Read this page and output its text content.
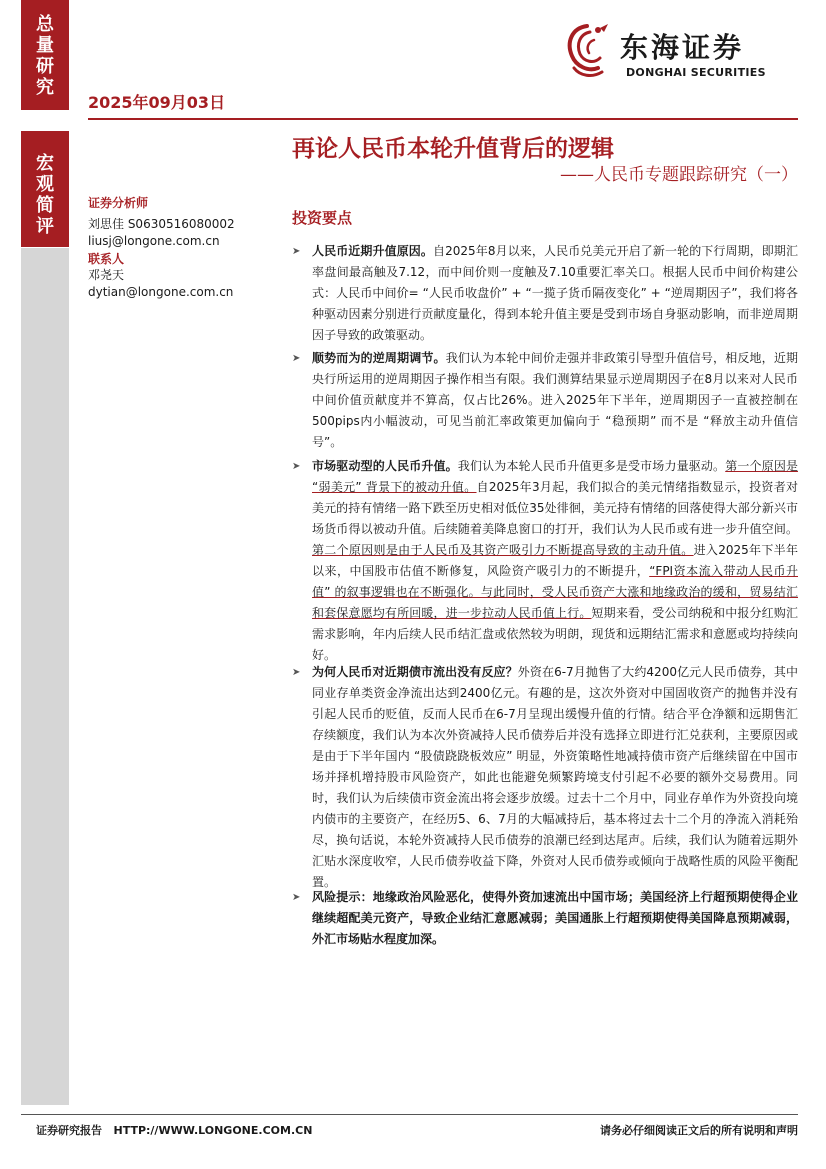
总
量
研
究
宏
观
简
评
2025年09月03日
东海证券
DONGHAI SECURITIES
再论人民币本轮升值背后的逻辑
——人民币专题跟踪研究（一）
证券分析师
刘思佳 S0630516080002
liusj@longone.com.cn
联系人
邓尧天
dytian@longone.com.cn
投资要点
➤ 人民币近期升值原因。自2025年8月以来，人民币兑美元开启了新一轮的下行周期，即期汇率盘间最高触及7.12，而中间价则一度触及7.10重要汇率关口。根据人民币中间价构建公式：人民币中间价= “人民币收盘价” + “一揽子货币隔夜变化” + “逆周期因子”，我们将各种驱动因素分别进行贡献度量化，得到本轮升值主要是受到市场自身驱动影响，而非逆周期因子导致的政策驱动。
➤ 顺势而为的逆周期调节。我们认为本轮中间价走强并非政策引导型升值信号，相反地，近期央行所运用的逆周期因子操作相当有限。我们测算结果显示逆周期因子在8月以来对人民币中间价值贡献度并不算高，仅占比26%。进入2025年下半年，逆周期因子一直被控制在500pips内小幅波动，可见当前汇率政策更加偏向于 “稳预期” 而不是 “释放主动升值信号”。
➤ 市场驱动型的人民币升值。我们认为本轮人民币升值更多是受市场力量驱动。第一个原因是 “弱美元” 背景下的被动升值。自2025年3月起，我们拟合的美元情绪指数显示，投资者对美元的持有情绪一路下跌至历史相对低位35处徘徊，美元持有情绪的回落使得大部分新兴市场货币得以被动升值。后续随着美降息窗口的打开，我们认为人民币或有进一步升值空间。第二个原因则是由于人民币及其资产吸引力不断提高导致的主动升值。进入2025年下半年以来，中国股市估值不断修复，风险资产吸引力的不断提升，“FPI资本流入带动人民币升值” 的叙事逻辑也在不断强化。与此同时，受人民币资产大涨和地缘政治的缓和，贸易结汇和套保意愿均有所回暖，进一步拉动人民币值上行。短期来看，受公司纳税和中报分红购汇需求影响，年内后续人民币结汇盘或依然较为明朗，现货和远期结汇需求和意愿或均持续向好。
➤ 为何人民币对近期债市流出没有反应？外资在6-7月抛售了大约4200亿元人民币债券，其中同业存单类资金净流出达到2400亿元。有趣的是，这次外资对中国固收资产的抛售并没有引起人民币的贬值，反而人民币在6-7月呈现出缓慢升值的行情。结合平仓净额和远期售汇存续额度，我们认为本次外资减持人民币债券后并没有选择立即进行汇兑获利，主要原因或是由于下半年国内 “股债跷跷板效应” 明显，外资策略性地减持债市资产后继续留在中国市场并择机增持股市风险资产，如此也能避免频繁跨境支付引起不必要的额外交易费用。同时，我们认为后续债市资金流出将会逐步放缓。过去十二个月中，同业存单作为外资投向境内债市的主要资产，在经历5、6、7月的大幅减持后，基本将过去十二个月的净流入消耗殆尽，换句话说，本轮外资减持人民币债券的浪潮已经到达尾声。后续，我们认为随着远期外汇贴水深度收窄，人民币债券收益下降，外资对人民币债券或倾向于战略性质的风险平衡配置。
➤ 风险提示：地缘政治风险恶化，使得外资加速流出中国市场；美国经济上行超预期使得企业继续超配美元资产，导致企业结汇意愿减弱；美国通胀上行超预期使得美国降息预期减弱，外汇市场贴水程度加深。
证券研究报告   HTTP://WWW.LONGONE.COM.CN	请务必仔细阅读正文后的所有说明和声明
